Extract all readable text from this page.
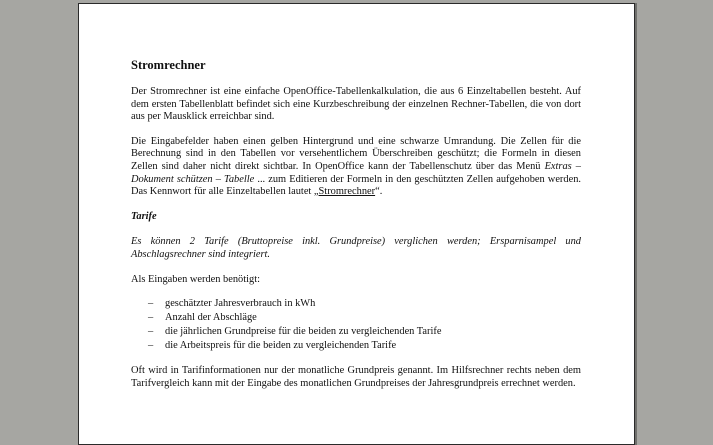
Stromrechner

Der Stromrechner ist eine einfache OpenOffice-Tabellenkalkulation, die aus 6 Einzeltabellen besteht. Auf dem ersten Tabellenblatt befindet sich eine Kurzbeschreibung der einzelnen Rechner-Tabellen, die von dort aus per Mausklick erreichbar sind.

Die Eingabefelder haben einen gelben Hintergrund und eine schwarze Umrandung. Die Zellen für die Berechnung sind in den Tabellen vor versehentlichem Überschreiben geschützt; die Formeln in diesen Zellen sind daher nicht direkt sichtbar. In OpenOffice kann der Tabellenschutz über das Menü Extras – Dokument schützen – Tabelle ... zum Editieren der Formeln in den geschützten Zellen aufgehoben werden. Das Kennwort für alle Einzeltabellen lautet „Stromrechner“.

Tarife

Es können 2 Tarife (Bruttopreise inkl. Grundpreise) verglichen werden; Ersparnisampel und Abschlagsrechner sind integriert.

Als Eingaben werden benötigt:

– geschätzter Jahresverbrauch in kWh
– Anzahl der Abschläge
– die jährlichen Grundpreise für die beiden zu vergleichenden Tarife
– die Arbeitspreis für die beiden zu vergleichenden Tarife

Oft wird in Tarifinformationen nur der monatliche Grundpreis genannt. Im Hilfsrechner rechts neben dem Tarifvergleich kann mit der Eingabe des monatlichen Grundpreises der Jahresgrundpreis errechnet werden.
